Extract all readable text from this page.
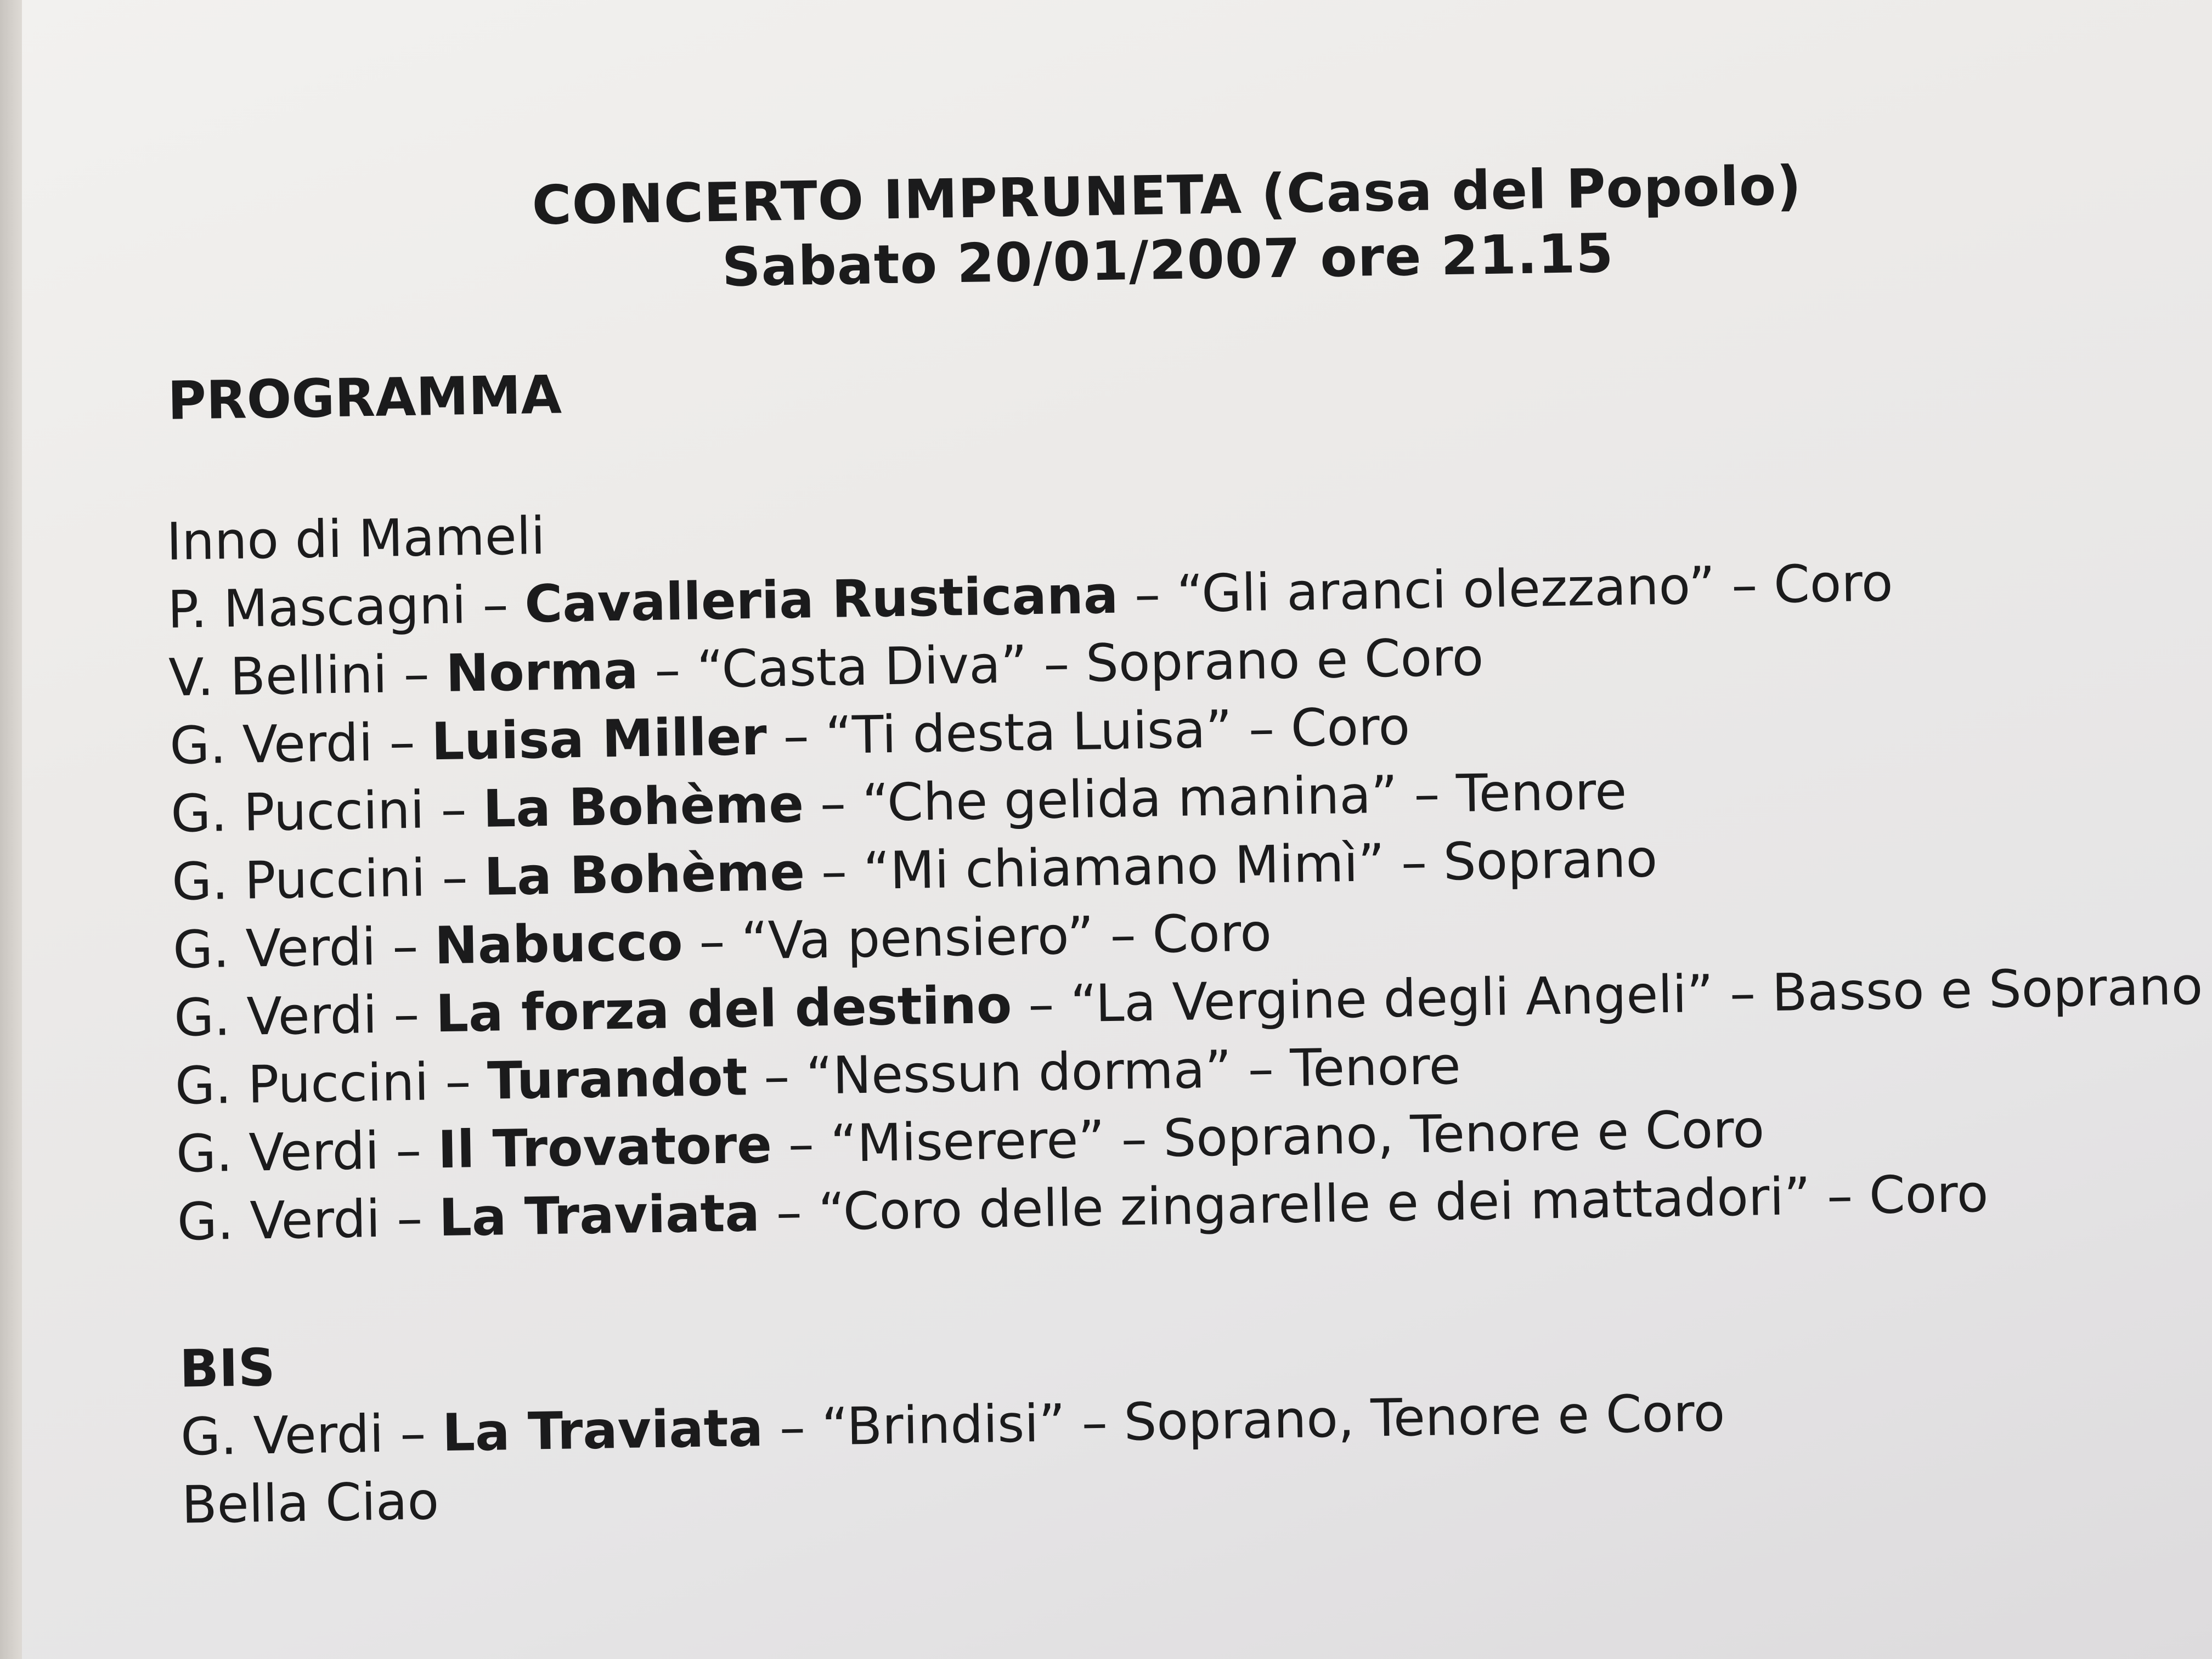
CONCERTO IMPRUNETA (Casa del Popolo)
Sabato 20/01/2007 ore 21.15
PROGRAMMA
Inno di Mameli
P. Mascagni – Cavalleria Rusticana – “Gli aranci olezzano” – Coro
V. Bellini – Norma – “Casta Diva” – Soprano e Coro
G. Verdi – Luisa Miller – “Ti desta Luisa” – Coro
G. Puccini – La Bohème – “Che gelida manina” – Tenore
G. Puccini – La Bohème – “Mi chiamano Mimì” – Soprano
G. Verdi – Nabucco – “Va pensiero” – Coro
G. Verdi – La forza del destino – “La Vergine degli Angeli” – Basso e Soprano
G. Puccini – Turandot – “Nessun dorma” – Tenore
G. Verdi – Il Trovatore – “Miserere” – Soprano, Tenore e Coro
G. Verdi – La Traviata – “Coro delle zingarelle e dei mattadori” – Coro
BIS
G. Verdi – La Traviata – “Brindisi” – Soprano, Tenore e Coro
Bella Ciao
